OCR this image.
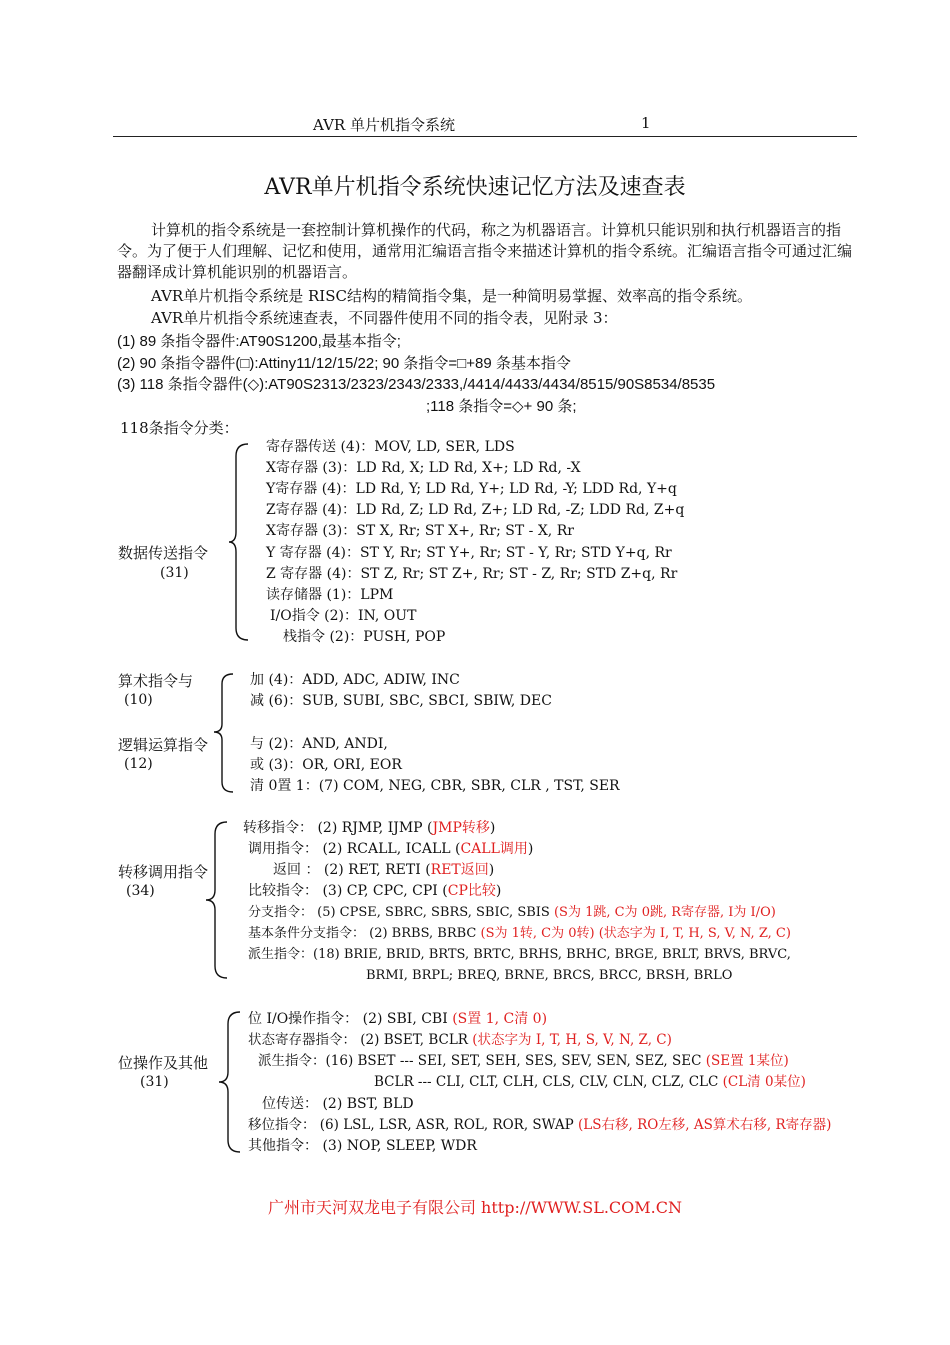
AVR 单片机指令系统	1
AVR单片机指令系统快速记忆方法及速查表
计算机的指令系统是一套控制计算机操作的代码，称之为机器语言。计算机只能识别和执行机器语言的指令。为了便于人们理解、记忆和使用，通常用汇编语言指令来描述计算机的指令系统。汇编语言指令可通过汇编器翻译成计算机能识别的机器语言。
AVR单片机指令系统是 RISC结构的精简指令集，是一种简明易掌握、效率高的指令系统。
AVR单片机指令系统速查表，不同器件使用不同的指令表，见附录 3：
(1) 89 条指令器件:AT90S1200,最基本指令;
(2) 90 条指令器件(□):Attiny11/12/15/22; 90 条指令=□+89 条基本指令
(3) 118 条指令器件(◇):AT90S2313/2323/2343/2333,/4414/4433/4434/8515/90S8534/8535
;118 条指令=◇+ 90 条;
118条指令分类：
数据传送指令
(31)
寄存器传送 (4)：MOV, LD, SER, LDS
X寄存器 (3)：LD Rd, X; LD Rd, X+; LD Rd, -X
Y寄存器 (4)：LD Rd, Y; LD Rd, Y+; LD Rd, -Y; LDD Rd, Y+q
Z寄存器 (4)：LD Rd, Z; LD Rd, Z+; LD Rd, -Z; LDD Rd, Z+q
X寄存器 (3)：ST X, Rr; ST X+, Rr; ST - X, Rr
Y 寄存器 (4)：ST Y, Rr; ST Y+, Rr; ST - Y, Rr; STD Y+q, Rr
Z 寄存器 (4)：ST Z, Rr; ST Z+, Rr; ST - Z, Rr; STD Z+q, Rr
读存储器 (1)：LPM
I/O指令 (2)：IN, OUT
栈指令 (2)：PUSH, POP
算术指令与
(10)
逻辑运算指令
(12)
加 (4)：ADD, ADC, ADIW, INC
减 (6)：SUB, SUBI, SBC, SBCI, SBIW, DEC
与 (2)：AND, ANDI,
或 (3)：OR, ORI, EOR
清 0置 1：(7) COM, NEG, CBR, SBR, CLR , TST, SER
转移调用指令
(34)
转移指令： (2) RJMP, IJMP (JMP转移)
调用指令： (2) RCALL, ICALL (CALL调用)
返回 ： (2) RET, RETI (RET返回)
比较指令： (3) CP, CPC, CPI (CP比较)
分支指令： (5) CPSE, SBRC, SBRS, SBIC, SBIS (S为 1跳, C为 0跳, R寄存器, I为 I/O)
基本条件分支指令： (2) BRBS, BRBC (S为 1转, C为 0转) (状态字为 I, T, H, S, V, N, Z, C)
派生指令：(18) BRIE, BRID, BRTS, BRTC, BRHS, BRHC, BRGE, BRLT, BRVS, BRVC,
BRMI, BRPL; BREQ, BRNE, BRCS, BRCC, BRSH, BRLO
位操作及其他
(31)
位 I/O操作指令： (2) SBI, CBI (S置 1, C清 0)
状态寄存器指令： (2) BSET, BCLR (状态字为 I, T, H, S, V, N, Z, C)
派生指令：(16) BSET --- SEI, SET, SEH, SES, SEV, SEN, SEZ, SEC (SE置 1某位)
BCLR --- CLI, CLT, CLH, CLS, CLV, CLN, CLZ, CLC (CL清 0某位)
位传送： (2) BST, BLD
移位指令： (6) LSL, LSR, ASR, ROL, ROR, SWAP (LS右移, RO左移, AS算术右移, R寄存器)
其他指令： (3) NOP, SLEEP, WDR
广州市天河双龙电子有限公司 http://WWW.SL.COM.CN
